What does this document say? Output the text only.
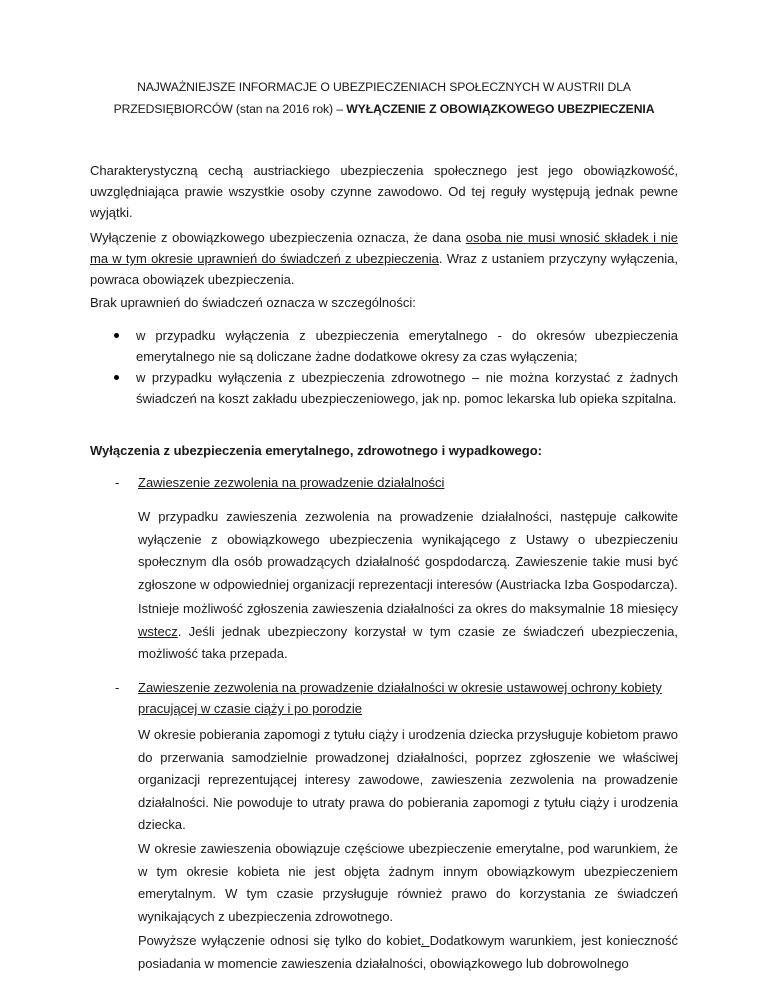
NAJWAŻNIEJSZE INFORMACJE O UBEZPIECZENIACH SPOŁECZNYCH W AUSTRII DLA
PRZEDSIĘBIORCÓW (stan na 2016 rok) – WYŁĄCZENIE Z OBOWIĄZKOWEGO UBEZPIECZENIA
Charakterystyczną cechą austriackiego ubezpieczenia społecznego jest jego obowiązkowość, uwzględniająca prawie wszystkie osoby czynne zawodowo. Od tej reguły występują jednak pewne wyjątki.
Wyłączenie z obowiązkowego ubezpieczenia oznacza, że dana osoba nie musi wnosić składek i nie ma w tym okresie uprawnień do świadczeń z ubezpieczenia. Wraz z ustaniem przyczyny wyłączenia, powraca obowiązek ubezpieczenia.
Brak uprawnień do świadczeń oznacza w szczególności:
w przypadku wyłączenia z ubezpieczenia emerytalnego - do okresów ubezpieczenia emerytalnego nie są doliczane żadne dodatkowe okresy za czas wyłączenia;
w przypadku wyłączenia z ubezpieczenia zdrowotnego – nie można korzystać z żadnych świadczeń na koszt zakładu ubezpieczeniowego, jak np. pomoc lekarska lub opieka szpitalna.
Wyłączenia z ubezpieczenia emerytalnego, zdrowotnego i wypadkowego:
- Zawieszenie zezwolenia na prowadzenie działalności
W przypadku zawieszenia zezwolenia na prowadzenie działalności, następuje całkowite wyłączenie z obowiązkowego ubezpieczenia wynikającego z Ustawy o ubezpieczeniu społecznym dla osób prowadzących działalność gospdodarczą. Zawieszenie takie musi być zgłoszone w odpowiedniej organizacji reprezentacji interesów (Austriacka Izba Gospodarcza).
Istnieje możliwość zgłoszenia zawieszenia działalności za okres do maksymalnie 18 miesięcy wstecz. Jeśli jednak ubezpieczony korzystał w tym czasie ze świadczeń ubezpieczenia, możliwość taka przepada.
- Zawieszenie zezwolenia na prowadzenie działalności w okresie ustawowej ochrony kobiety pracującej w czasie ciąży i po porodzie
W okresie pobierania zapomogi z tytułu ciąży i urodzenia dziecka przysługuje kobietom prawo do przerwania samodzielnie prowadzonej działalności, poprzez zgłoszenie we właściwej organizacji reprezentującej interesy zawodowe, zawieszenia zezwolenia na prowadzenie działalności. Nie powoduje to utraty prawa do pobierania zapomogi z tytułu ciąży i urodzenia dziecka.
W okresie zawieszenia obowiązuje częściowe ubezpieczenie emerytalne, pod warunkiem, że w tym okresie kobieta nie jest objęta żadnym innym obowiązkowym ubezpieczeniem emerytalnym. W tym czasie przysługuje również prawo do korzystania ze świadczeń wynikających z ubezpieczenia zdrowotnego.
Powyższe wyłączenie odnosi się tylko do kobiet. Dodatkowym warunkiem, jest konieczność posiadania w momencie zawieszenia działalności, obowiązkowego lub dobrowolnego
